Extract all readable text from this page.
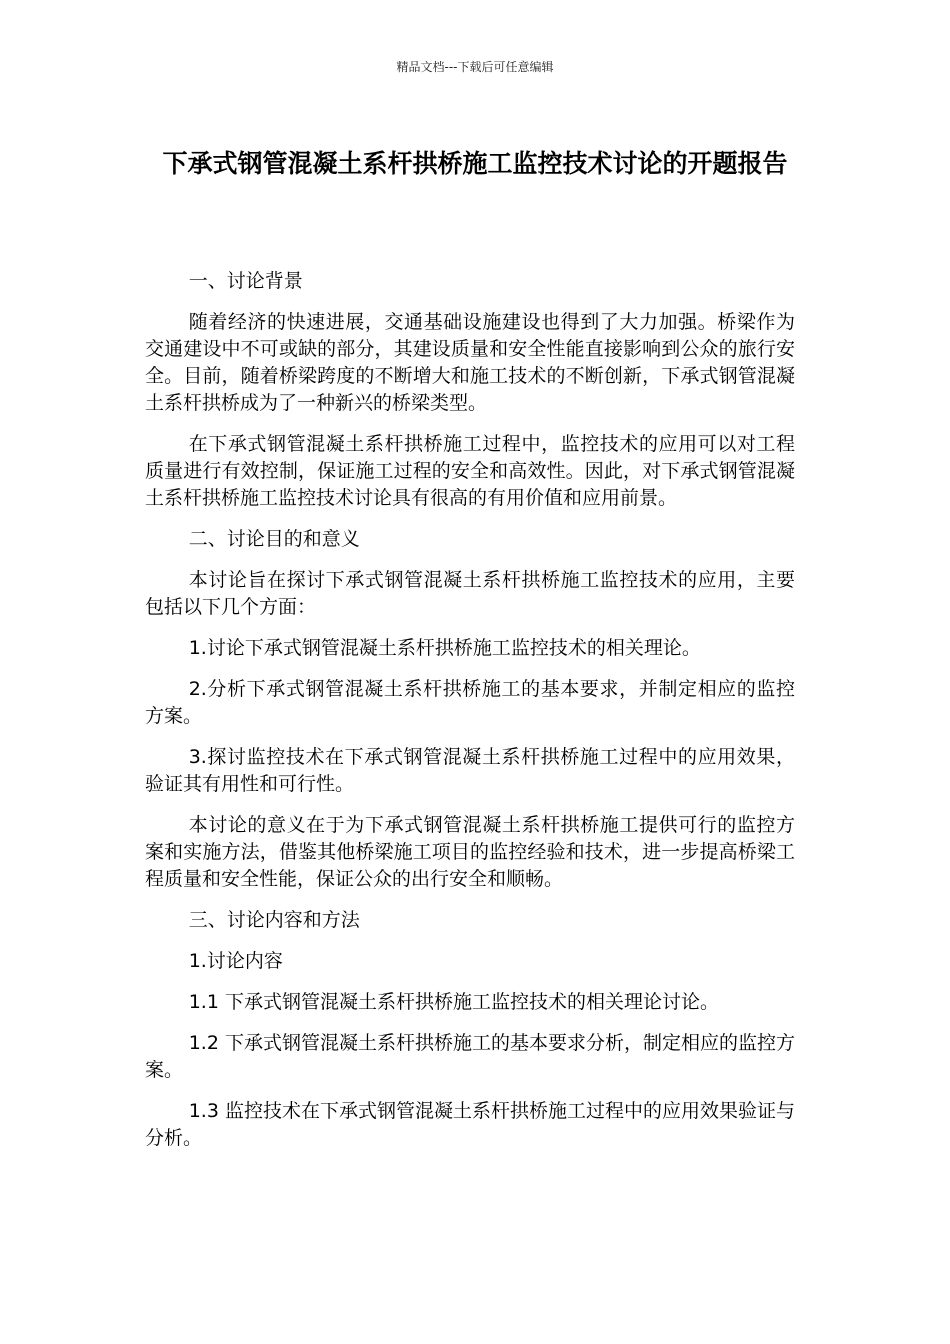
精品文档---下载后可任意编辑
下承式钢管混凝土系杆拱桥施工监控技术讨论的开题报告

一、讨论背景

随着经济的快速进展，交通基础设施建设也得到了大力加强。桥梁作为交通建设中不可或缺的部分，其建设质量和安全性能直接影响到公众的旅行安全。目前，随着桥梁跨度的不断增大和施工技术的不断创新，下承式钢管混凝土系杆拱桥成为了一种新兴的桥梁类型。

在下承式钢管混凝土系杆拱桥施工过程中，监控技术的应用可以对工程质量进行有效控制，保证施工过程的安全和高效性。因此，对下承式钢管混凝土系杆拱桥施工监控技术讨论具有很高的有用价值和应用前景。

二、讨论目的和意义

本讨论旨在探讨下承式钢管混凝土系杆拱桥施工监控技术的应用，主要包括以下几个方面：

1.讨论下承式钢管混凝土系杆拱桥施工监控技术的相关理论。

2.分析下承式钢管混凝土系杆拱桥施工的基本要求，并制定相应的监控方案。

3.探讨监控技术在下承式钢管混凝土系杆拱桥施工过程中的应用效果，验证其有用性和可行性。

本讨论的意义在于为下承式钢管混凝土系杆拱桥施工提供可行的监控方案和实施方法，借鉴其他桥梁施工项目的监控经验和技术，进一步提高桥梁工程质量和安全性能，保证公众的出行安全和顺畅。

三、讨论内容和方法

1.讨论内容

1.1 下承式钢管混凝土系杆拱桥施工监控技术的相关理论讨论。

1.2 下承式钢管混凝土系杆拱桥施工的基本要求分析，制定相应的监控方案。

1.3 监控技术在下承式钢管混凝土系杆拱桥施工过程中的应用效果验证与分析。
